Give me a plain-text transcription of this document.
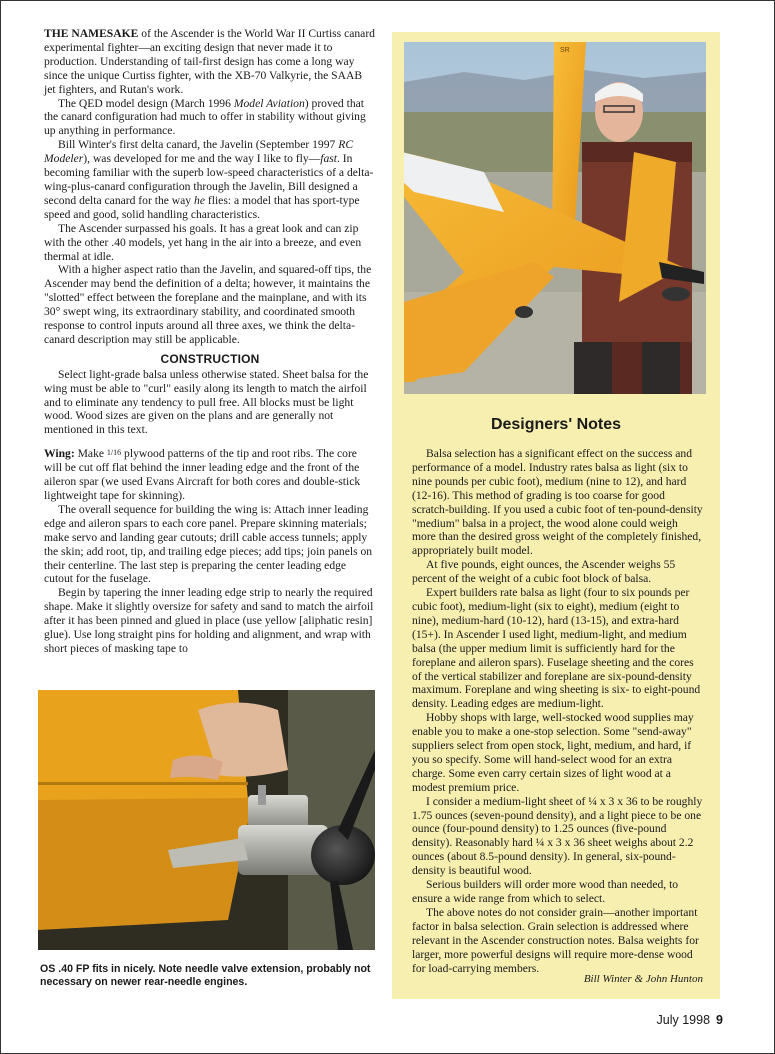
THE NAMESAKE of the Ascender is the World War II Curtiss canard experimental fighter—an exciting design that never made it to production. Understanding of tail-first design has come a long way since the unique Curtiss fighter, with the XB-70 Valkyrie, the SAAB jet fighters, and Rutan's work.

The QED model design (March 1996 Model Aviation) proved that the canard configuration had much to offer in stability without giving up anything in performance.

Bill Winter's first delta canard, the Javelin (September 1997 RC Modeler), was developed for me and the way I like to fly—fast. In becoming familiar with the superb low-speed characteristics of a delta-wing-plus-canard configuration through the Javelin, Bill designed a second delta canard for the way he flies: a model that has sport-type speed and good, solid handling characteristics.

The Ascender surpassed his goals. It has a great look and can zip with the other .40 models, yet hang in the air into a breeze, and even thermal at idle.

With a higher aspect ratio than the Javelin, and squared-off tips, the Ascender may bend the definition of a delta; however, it maintains the "slotted" effect between the foreplane and the mainplane, and with its 30° swept wing, its extraordinary stability, and coordinated smooth response to control inputs around all three axes, we think the delta-canard description may still be applicable.

CONSTRUCTION

Select light-grade balsa unless otherwise stated. Sheet balsa for the wing must be able to "curl" easily along its length to match the airfoil and to eliminate any tendency to pull free. All blocks must be light wood. Wood sizes are given on the plans and are generally not mentioned in this text.

Wing: Make 1/16 plywood patterns of the tip and root ribs. The core will be cut off flat behind the inner leading edge and the front of the aileron spar (we used Evans Aircraft for both cores and double-stick lightweight tape for skinning).

The overall sequence for building the wing is: Attach inner leading edge and aileron spars to each core panel. Prepare skinning materials; make servo and landing gear cutouts; drill cable access tunnels; apply the skin; add root, tip, and trailing edge pieces; add tips; join panels on their centerline. The last step is preparing the center leading edge cutout for the fuselage.

Begin by tapering the inner leading edge strip to nearly the required shape. Make it slightly oversize for safety and sand to match the airfoil after it has been pinned and glued in place (use yellow [aliphatic resin] glue). Use long straight pins for holding and alignment, and wrap with short pieces of masking tape to

SR
Designers' Notes

Balsa selection has a significant effect on the success and performance of a model. Industry rates balsa as light (six to nine pounds per cubic foot), medium (nine to 12), and hard (12-16). This method of grading is too coarse for good scratch-building. If you used a cubic foot of ten-pound-density "medium" balsa in a project, the wood alone could weigh more than the desired gross weight of the completely finished, appropriately built model.

At five pounds, eight ounces, the Ascender weighs 55 percent of the weight of a cubic foot block of balsa.

Expert builders rate balsa as light (four to six pounds per cubic foot), medium-light (six to eight), medium (eight to nine), medium-hard (10-12), hard (13-15), and extra-hard (15+). In Ascender I used light, medium-light, and medium balsa (the upper medium limit is sufficiently hard for the foreplane and aileron spars). Fuselage sheeting and the cores of the vertical stabilizer and foreplane are six-pound-density maximum. Foreplane and wing sheeting is six- to eight-pound density. Leading edges are medium-light.

Hobby shops with large, well-stocked wood supplies may enable you to make a one-stop selection. Some "send-away" suppliers select from open stock, light, medium, and hard, if you so specify. Some will hand-select wood for an extra charge. Some even carry certain sizes of light wood at a modest premium price.

I consider a medium-light sheet of ¼ x 3 x 36 to be roughly 1.75 ounces (seven-pound density), and a light piece to be one ounce (four-pound density) to 1.25 ounces (five-pound density). Reasonably hard ¼ x 3 x 36 sheet weighs about 2.2 ounces (about 8.5-pound density). In general, six-pound-density is beautiful wood.

Serious builders will order more wood than needed, to ensure a wide range from which to select.

The above notes do not consider grain—another important factor in balsa selection. Grain selection is addressed where relevant in the Ascender construction notes. Balsa weights for larger, more powerful designs will require more-dense wood for load-carrying members.

Bill Winter & John Hunton
OS .40 FP fits in nicely. Note needle valve extension, probably not necessary on newer rear-needle engines.
July 1998 9
